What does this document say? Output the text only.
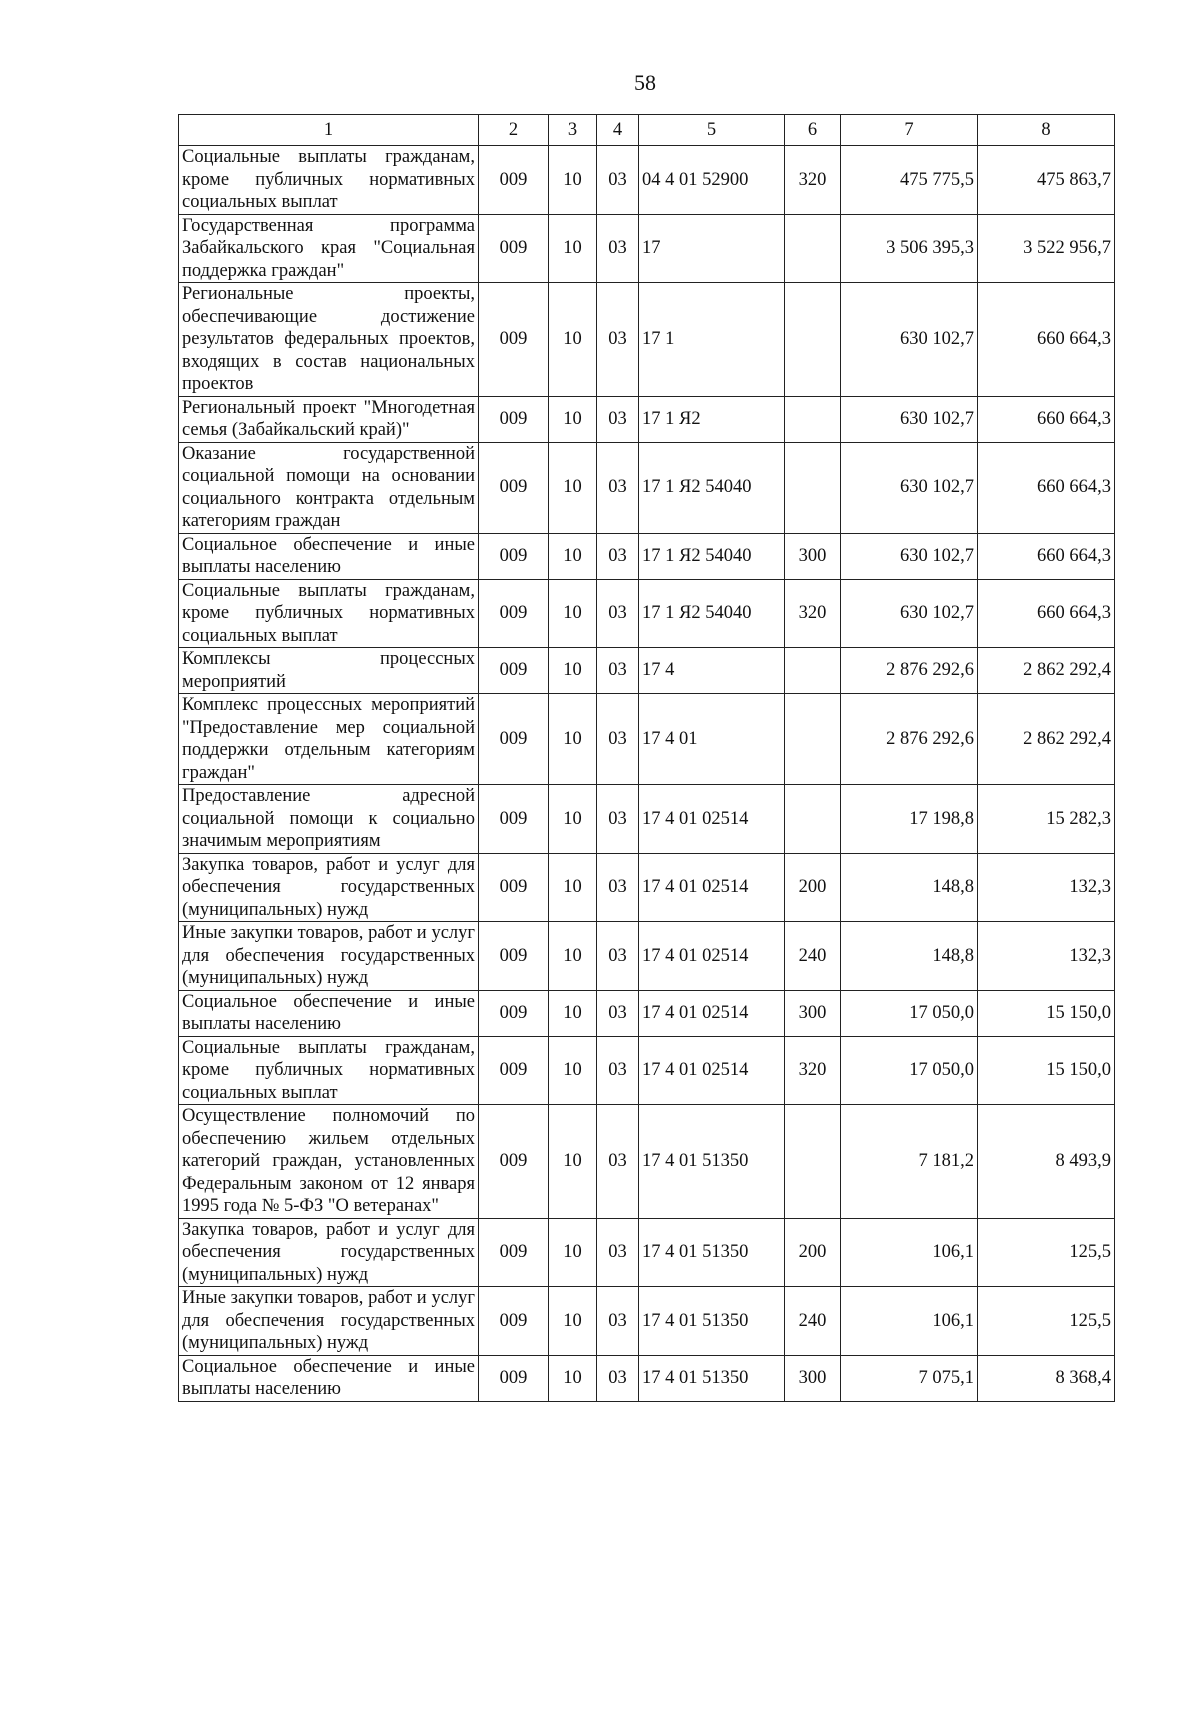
58
1	2	3	4	5	6	7	8
Социальные выплаты гражданам, кроме публичных нормативных социальных выплат	009	10	03	04 4 01 52900	320	475 775,5	475 863,7
Государственная программа Забайкальского края "Социальная поддержка граждан"	009	10	03	17		3 506 395,3	3 522 956,7
Региональные проекты, обеспечивающие достижение результатов федеральных проектов, входящих в состав национальных проектов	009	10	03	17 1		630 102,7	660 664,3
Региональный проект "Многодетная семья (Забайкальский край)"	009	10	03	17 1 Я2		630 102,7	660 664,3
Оказание государственной социальной помощи на основании социального контракта отдельным категориям граждан	009	10	03	17 1 Я2 54040		630 102,7	660 664,3
Социальное обеспечение и иные выплаты населению	009	10	03	17 1 Я2 54040	300	630 102,7	660 664,3
Социальные выплаты гражданам, кроме публичных нормативных социальных выплат	009	10	03	17 1 Я2 54040	320	630 102,7	660 664,3
Комплексы процессных мероприятий	009	10	03	17 4		2 876 292,6	2 862 292,4
Комплекс процессных мероприятий "Предоставление мер социальной поддержки отдельным категориям граждан"	009	10	03	17 4 01		2 876 292,6	2 862 292,4
Предоставление адресной социальной помощи к социально значимым мероприятиям	009	10	03	17 4 01 02514		17 198,8	15 282,3
Закупка товаров, работ и услуг для обеспечения государственных (муниципальных) нужд	009	10	03	17 4 01 02514	200	148,8	132,3
Иные закупки товаров, работ и услуг для обеспечения государственных (муниципальных) нужд	009	10	03	17 4 01 02514	240	148,8	132,3
Социальное обеспечение и иные выплаты населению	009	10	03	17 4 01 02514	300	17 050,0	15 150,0
Социальные выплаты гражданам, кроме публичных нормативных социальных выплат	009	10	03	17 4 01 02514	320	17 050,0	15 150,0
Осуществление полномочий по обеспечению жильем отдельных категорий граждан, установленных Федеральным законом от 12 января 1995 года № 5-ФЗ "О ветеранах"	009	10	03	17 4 01 51350		7 181,2	8 493,9
Закупка товаров, работ и услуг для обеспечения государственных (муниципальных) нужд	009	10	03	17 4 01 51350	200	106,1	125,5
Иные закупки товаров, работ и услуг для обеспечения государственных (муниципальных) нужд	009	10	03	17 4 01 51350	240	106,1	125,5
Социальное обеспечение и иные выплаты населению	009	10	03	17 4 01 51350	300	7 075,1	8 368,4
